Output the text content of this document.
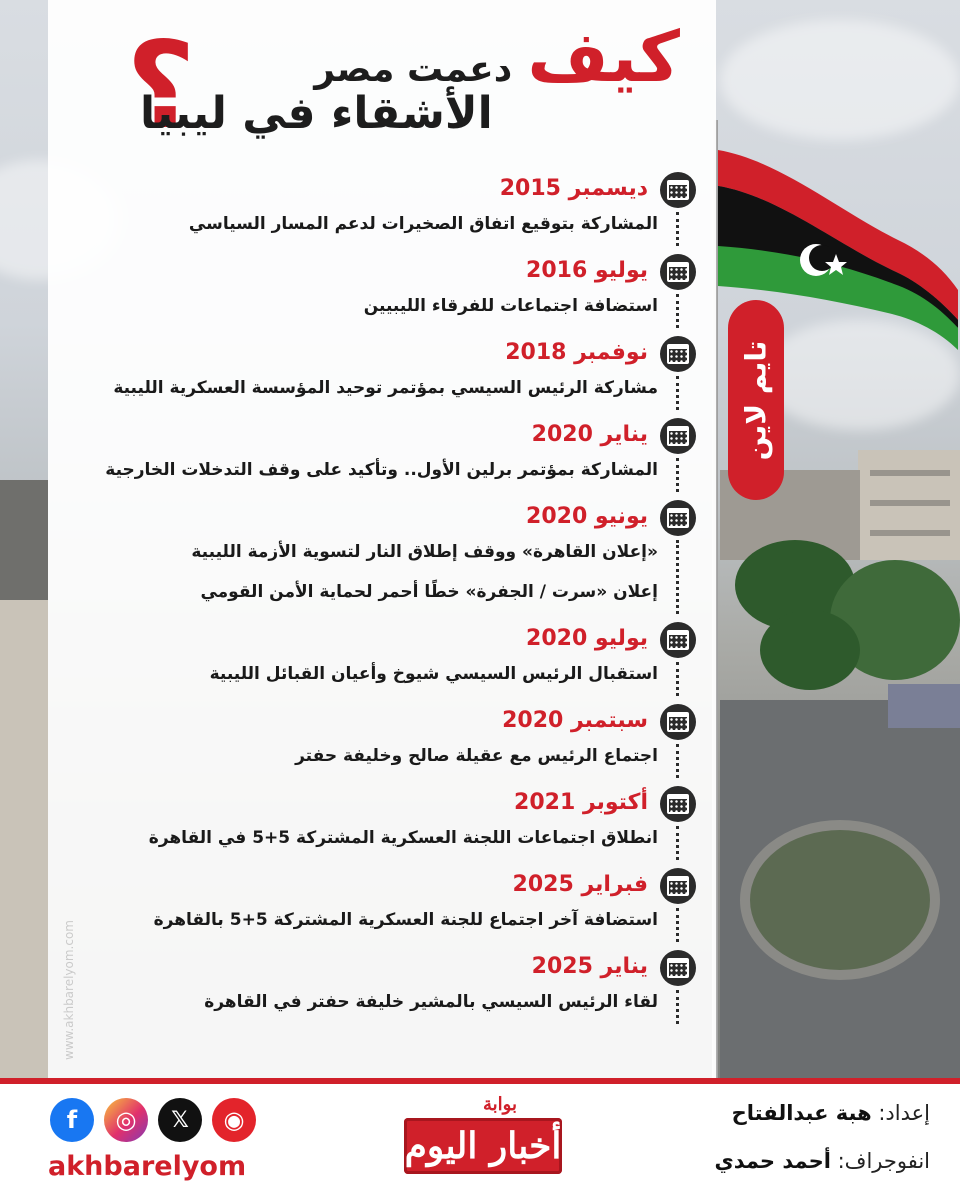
تايم لاين
www.akhbarelyom.com
؟	كيف دعمت مصر
الأشقاء في ليبيا
ديسمبر 2015
المشاركة بتوقيع اتفاق الصخيرات لدعم المسار السياسي
يوليو 2016
استضافة اجتماعات للفرقاء الليبيين
نوفمبر 2018
مشاركة الرئيس السيسي بمؤتمر توحيد المؤسسة العسكرية الليبية
يناير 2020
المشاركة بمؤتمر برلين الأول.. وتأكيد على وقف التدخلات الخارجية
يونيو 2020
«إعلان القاهرة» ووقف إطلاق النار لتسوية الأزمة الليبية
إعلان «سرت / الجفرة» خطًا أحمر لحماية الأمن القومي
يوليو 2020
استقبال الرئيس السيسي شيوخ وأعيان القبائل الليبية
سبتمبر 2020
اجتماع الرئيس مع عقيلة صالح وخليفة حفتر
أكتوبر 2021
انطلاق اجتماعات اللجنة العسكرية المشتركة 5+5 في القاهرة
فبراير 2025
استضافة آخر اجتماع للجنة العسكرية المشتركة 5+5 بالقاهرة
يناير 2025
لقاء الرئيس السيسي بالمشير خليفة حفتر في القاهرة
f	◎	𝕏	◉
akhbarelyom
بوابة
أخبار اليوم
إعداد: هبة عبدالفتاح
انفوجراف: أحمد حمدي
